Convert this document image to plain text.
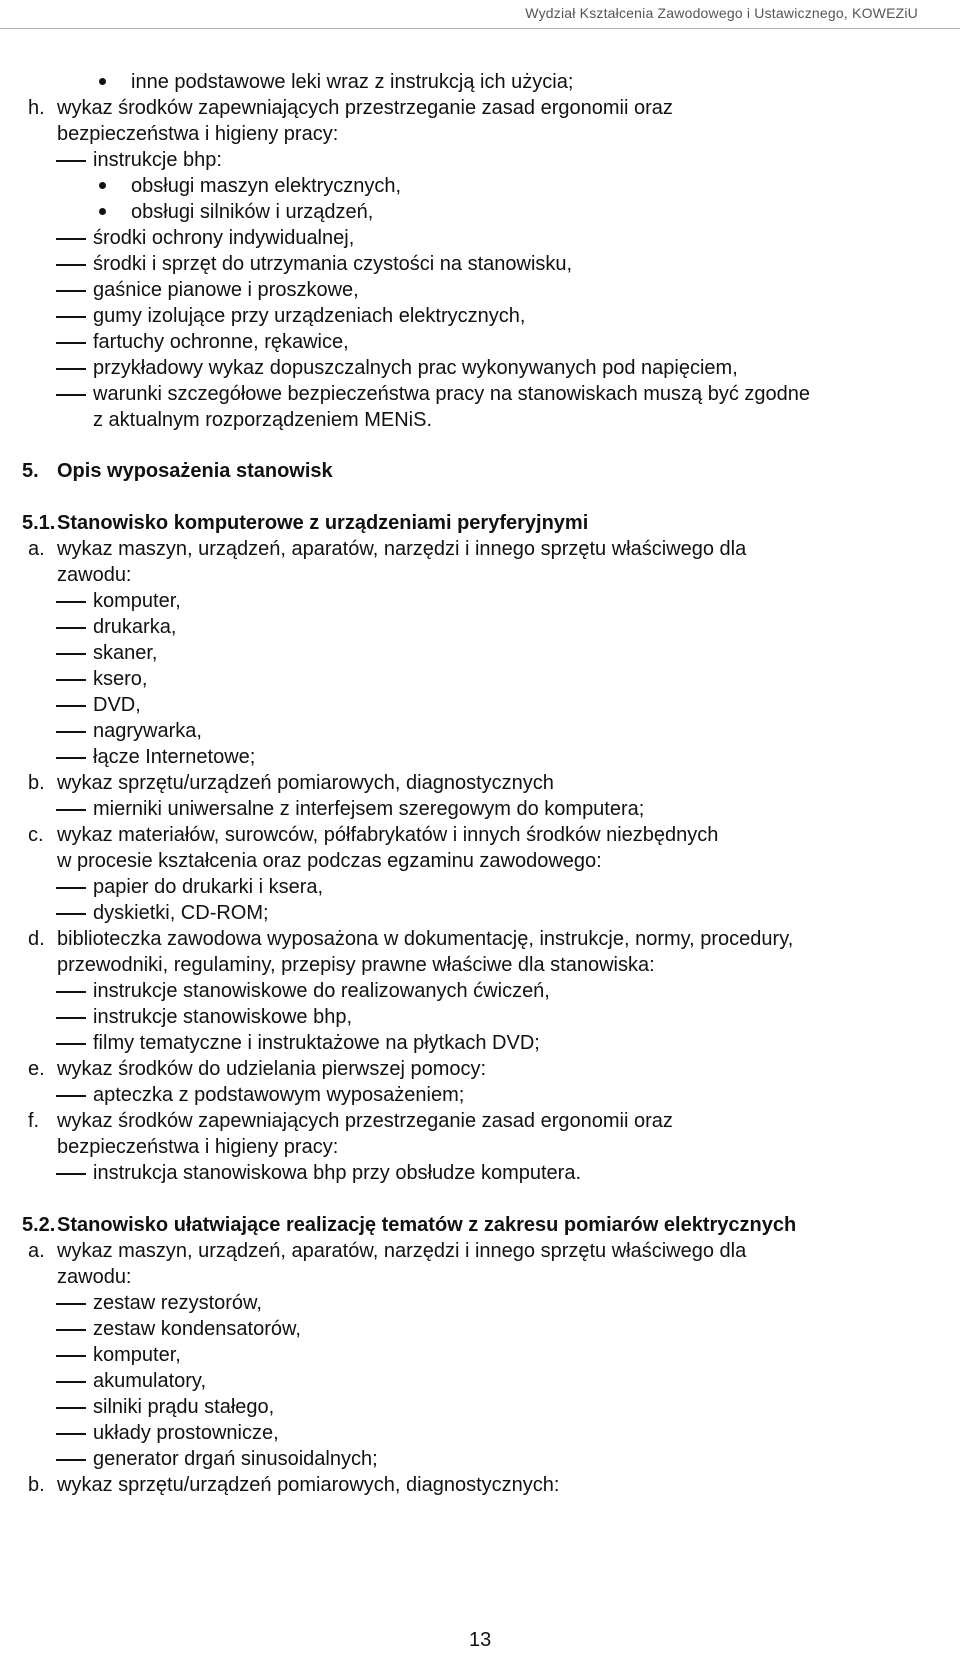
Wydział Kształcenia Zawodowego i Ustawicznego, KOWEZiU
inne podstawowe leki wraz z instrukcją ich użycia;
h. wykaz środków zapewniających przestrzeganie zasad ergonomii oraz
bezpieczeństwa i higieny pracy:
instrukcje bhp:
obsługi maszyn elektrycznych,
obsługi silników i urządzeń,
środki ochrony indywidualnej,
środki i sprzęt do utrzymania czystości na stanowisku,
gaśnice pianowe i proszkowe,
gumy izolujące przy urządzeniach elektrycznych,
fartuchy ochronne, rękawice,
przykładowy wykaz dopuszczalnych prac wykonywanych pod napięciem,
warunki szczegółowe bezpieczeństwa pracy na stanowiskach muszą być zgodne
z aktualnym rozporządzeniem MENiS.
5. Opis wyposażenia stanowisk
5.1. Stanowisko komputerowe z urządzeniami peryferyjnymi
a. wykaz maszyn, urządzeń, aparatów, narzędzi i innego sprzętu właściwego dla
zawodu:
komputer,
drukarka,
skaner,
ksero,
DVD,
nagrywarka,
łącze Internetowe;
b. wykaz sprzętu/urządzeń pomiarowych, diagnostycznych
mierniki uniwersalne z interfejsem szeregowym do komputera;
c. wykaz materiałów, surowców, półfabrykatów i innych środków niezbędnych
w procesie kształcenia oraz podczas egzaminu zawodowego:
papier do drukarki i ksera,
dyskietki, CD-ROM;
d. biblioteczka zawodowa wyposażona w dokumentację, instrukcje, normy, procedury,
przewodniki, regulaminy, przepisy prawne właściwe dla stanowiska:
instrukcje stanowiskowe do realizowanych ćwiczeń,
instrukcje stanowiskowe bhp,
filmy tematyczne i instruktażowe na płytkach DVD;
e. wykaz środków do udzielania pierwszej pomocy:
apteczka z podstawowym wyposażeniem;
f. wykaz środków zapewniających przestrzeganie zasad ergonomii oraz
bezpieczeństwa i higieny pracy:
instrukcja stanowiskowa bhp przy obsłudze komputera.
5.2. Stanowisko ułatwiające realizację tematów z zakresu pomiarów elektrycznych
a. wykaz maszyn, urządzeń, aparatów, narzędzi i innego sprzętu właściwego dla
zawodu:
zestaw rezystorów,
zestaw kondensatorów,
komputer,
akumulatory,
silniki prądu stałego,
układy prostownicze,
generator drgań sinusoidalnych;
b. wykaz sprzętu/urządzeń pomiarowych, diagnostycznych:
13
